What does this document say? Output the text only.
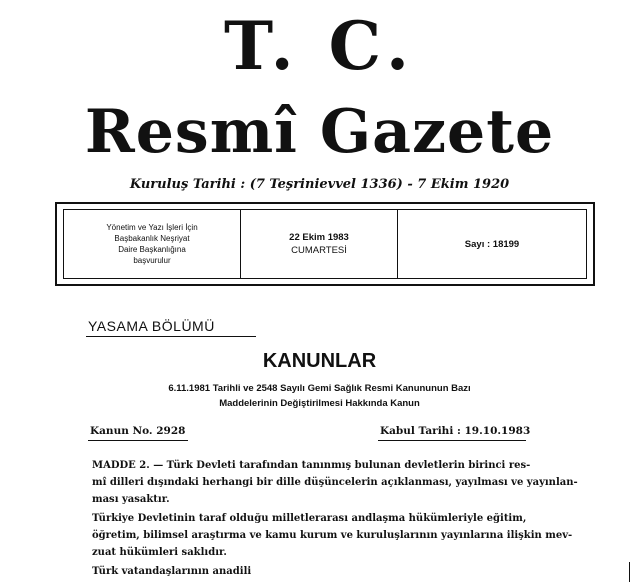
T. C.
Resmî Gazete
Kuruluş Tarihi : (7 Teşrinievvel 1336) - 7 Ekim 1920
Yönetim ve Yazı İşleri İçin
Başbakanlık Neşriyat
Daire Başkanlığına
başvurulur
22 Ekim 1983
CUMARTESİ
Sayı : 18199
YASAMA BÖLÜMÜ
KANUNLAR
6.11.1981 Tarihli ve 2548 Sayılı Gemi Sağlık Resmi Kanununun Bazı
Maddelerinin Değiştirilmesi Hakkında Kanun
Kanun No. 2928	Kabul Tarihi : 19.10.1983
MADDE 2. — Türk Devleti tarafından tanınmış bulunan devletlerin birinci res-
mî dilleri dışındaki herhangi bir dille düşüncelerin açıklanması, yayılması ve yayınlan-
ması yasaktır.
Türkiye Devletinin taraf olduğu milletlerarası andlaşma hükümleriyle eğitim,
öğretim, bilimsel araştırma ve kamu kurum ve kuruluşlarının yayınlarına ilişkin mev-
zuat hükümleri saklıdır.
Türk vatandaşlarının anadili
